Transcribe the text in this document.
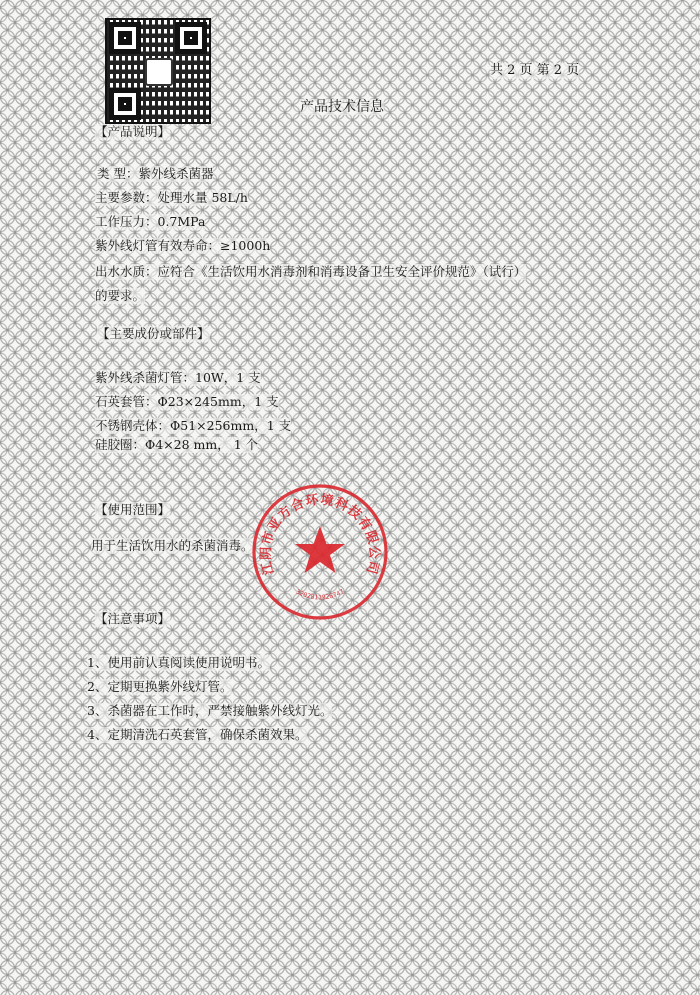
共 2 页 第 2 页
产品技术信息
【产品说明】
类 型：紫外线杀菌器
主要参数：处理水量 58L/h
工作压力：0.7MPa
紫外线灯管有效寿命：≥1000h
出水水质：应符合《生活饮用水消毒剂和消毒设备卫生安全评价规范》（试行）
的要求。
【主要成份或部件】
紫外线杀菌灯管：10W，1 支
石英套管：Φ23×245mm，1 支
不锈钢壳体：Φ51×256mm，1 支
硅胶圈：Φ4×28 mm， 1 个
【使用范围】
用于生活饮用水的杀菌消毒。
【注意事项】
1、使用前认真阅读使用说明书。
2、定期更换紫外线灯管。
3、杀菌器在工作时，严禁接触紫外线灯光。
4、定期清洗石英套管，确保杀菌效果。
江阴市亚方合环境科技有限公司
3202811926747
